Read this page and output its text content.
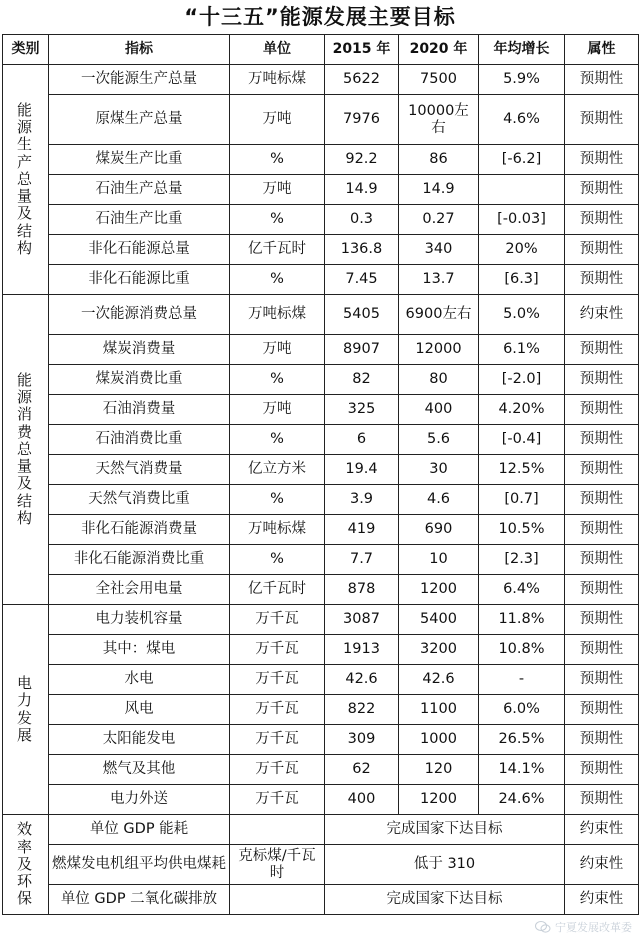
“十三五”能源发展主要目标
类别	指标	单位	2015 年	2020 年	年均增长	属性
能源生产总量及结构	一次能源生产总量	万吨标煤	5622	7500	5.9%	预期性
	原煤生产总量	万吨	7976	10000左右	4.6%	预期性
	煤炭生产比重	%	92.2	86	[-6.2]	预期性
	石油生产总量	万吨	14.9	14.9		预期性
	石油生产比重	%	0.3	0.27	[-0.03]	预期性
	非化石能源总量	亿千瓦时	136.8	340	20%	预期性
	非化石能源比重	%	7.45	13.7	[6.3]	预期性
能源消费总量及结构	一次能源消费总量	万吨标煤	5405	6900左右	5.0%	约束性
	煤炭消费量	万吨	8907	12000	6.1%	预期性
	煤炭消费比重	%	82	80	[-2.0]	预期性
	石油消费量	万吨	325	400	4.20%	预期性
	石油消费比重	%	6	5.6	[-0.4]	预期性
	天然气消费量	亿立方米	19.4	30	12.5%	预期性
	天然气消费比重	%	3.9	4.6	[0.7]	预期性
	非化石能源消费量	万吨标煤	419	690	10.5%	预期性
	非化石能源消费比重	%	7.7	10	[2.3]	预期性
	全社会用电量	亿千瓦时	878	1200	6.4%	预期性
电力发展	电力装机容量	万千瓦	3087	5400	11.8%	预期性
	其中：煤电	万千瓦	1913	3200	10.8%	预期性
	水电	万千瓦	42.6	42.6	-	预期性
	风电	万千瓦	822	1100	6.0%	预期性
	太阳能发电	万千瓦	309	1000	26.5%	预期性
	燃气及其他	万千瓦	62	120	14.1%	预期性
	电力外送	万千瓦	400	1200	24.6%	预期性
效率及环保	单位 GDP 能耗		完成国家下达目标			约束性
	燃煤发电机组平均供电煤耗	克标煤/千瓦时	低于 310			约束性
	单位 GDP 二氧化碳排放		完成国家下达目标			约束性
宁夏发展改革委
